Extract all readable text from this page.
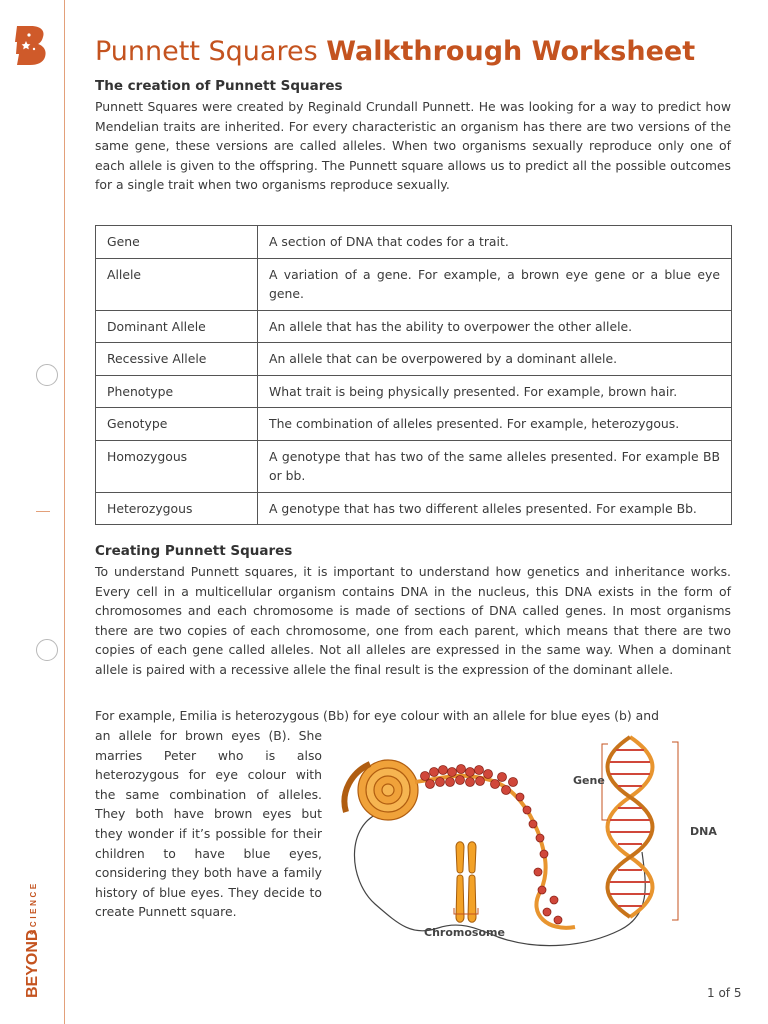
BEYOND
SCIENCE
Punnett Squares Walkthrough Worksheet
The creation of Punnett Squares

Punnett Squares were created by Reginald Crundall Punnett. He was looking for a way to predict how Mendelian traits are inherited. For every characteristic an organism has there are two versions of the same gene, these versions are called alleles. When two organisms sexually reproduce only one of each allele is given to the offspring. The Punnett square allows us to predict all the possible outcomes for a single trait when two organisms reproduce sexually.

Gene	A section of DNA that codes for a trait.
Allele	A variation of a gene. For example, a brown eye gene or a blue eye gene.
Dominant Allele	An allele that has the ability to overpower the other allele.
Recessive Allele	An allele that can be overpowered by a dominant allele.
Phenotype	What trait is being physically presented. For example, brown hair.
Genotype	The combination of alleles presented. For example, heterozygous.
Homozygous	A genotype that has two of the same alleles presented. For example BB or bb.
Heterozygous	A genotype that has two different alleles presented. For example Bb.
Creating Punnett Squares

To understand Punnett squares, it is important to understand how genetics and inheritance works. Every cell in a multicellular organism contains DNA in the nucleus, this DNA exists in the form of chromosomes and each chromosome is made of sections of DNA called genes. In most organisms there are two copies of each chromosome, one from each parent, which means that there are two copies of each gene called alleles. Not all alleles are expressed in the same way. When a dominant allele is paired with a recessive allele the final result is the expression of the dominant allele.

For example, Emilia is heterozygous (Bb) for eye colour with an allele for blue eyes (b) and

an allele for brown eyes (B). She marries Peter who is also heterozygous for eye colour with the same combination of alleles. They both have brown eyes but they wonder if it’s possible for their children to have blue eyes, considering they both have a family history of blue eyes. They decide to create Punnett square.

Gene
DNA
Chromosome
1 of 5
